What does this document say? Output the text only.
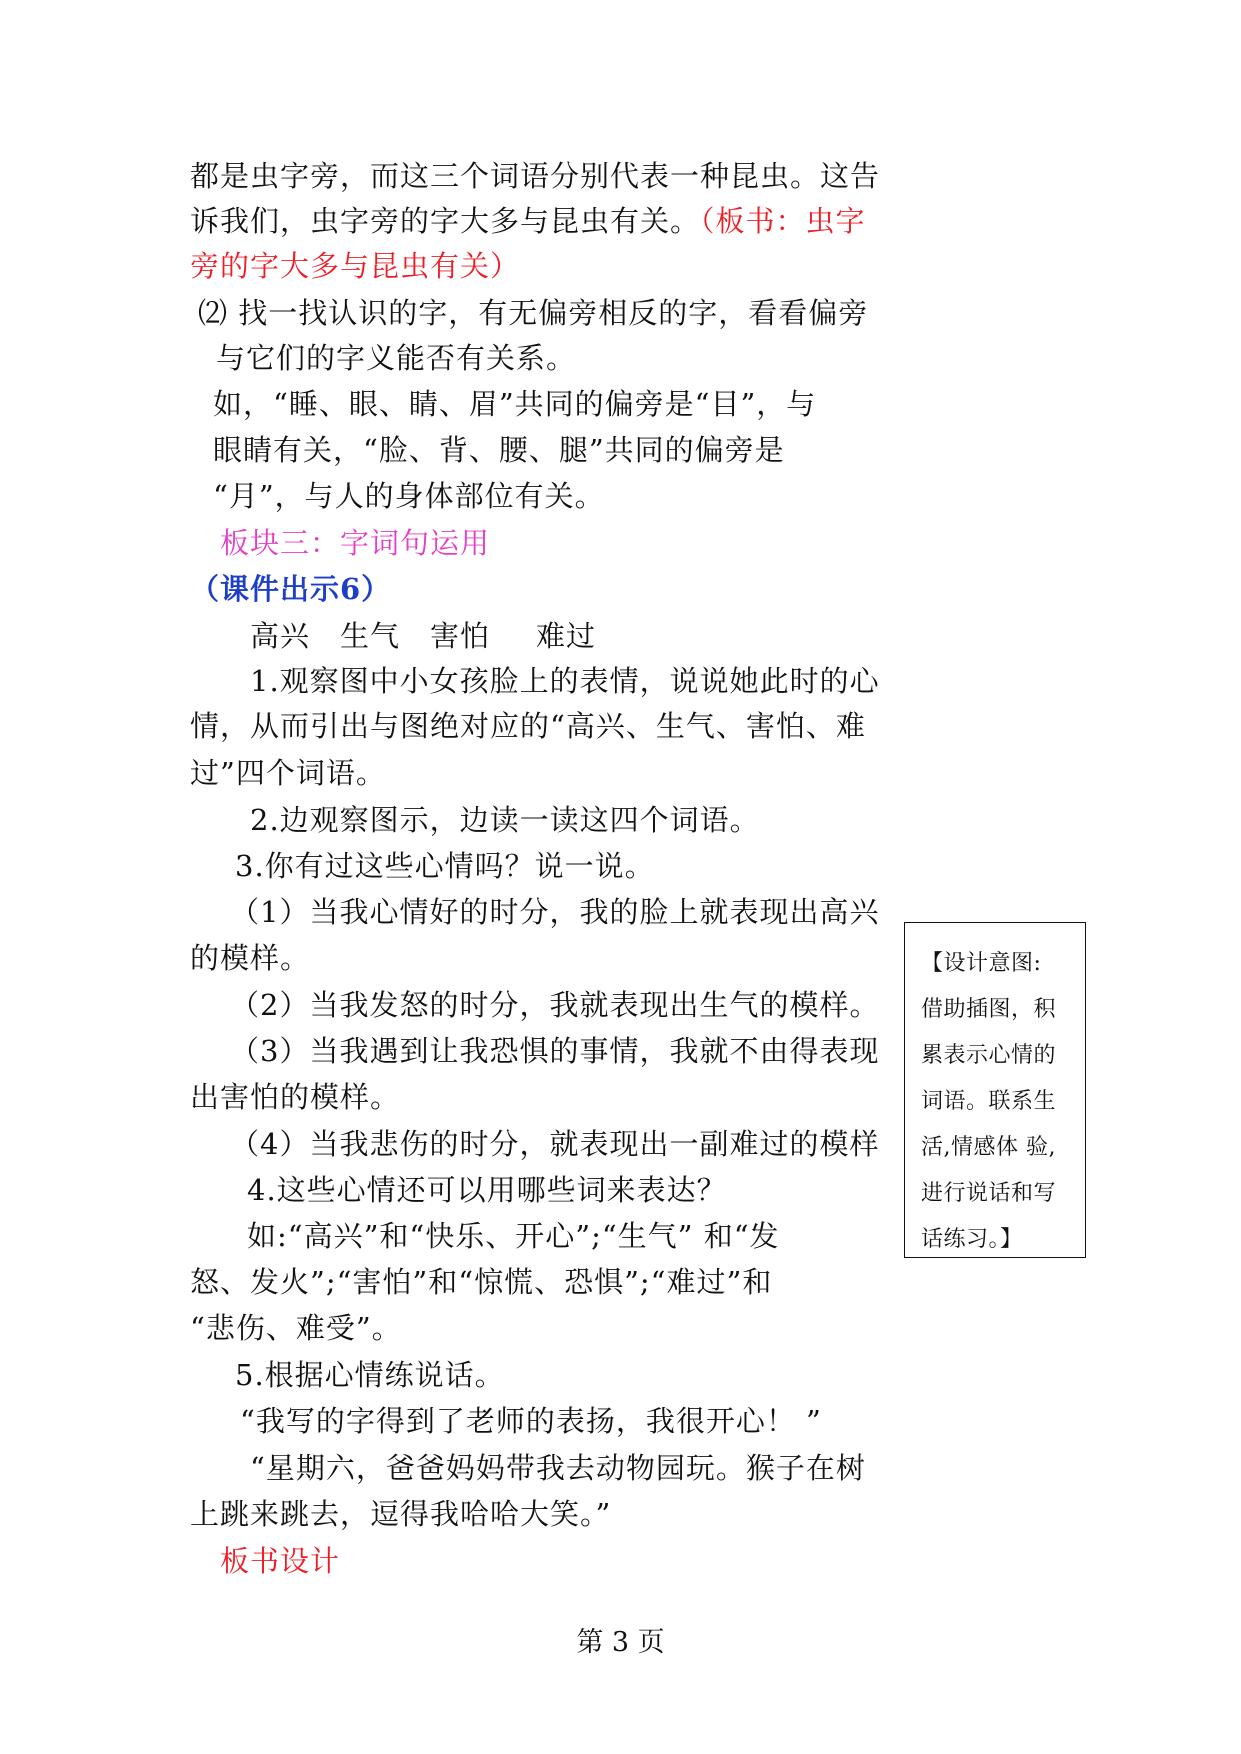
都是虫字旁，而这三个词语分别代表一种昆虫。这告
诉我们，虫字旁的字大多与昆虫有关。（板书：虫字
旁的字大多与昆虫有关）
⑵ 找一找认识的字，有无偏旁相反的字，看看偏旁
与它们的字义能否有关系。
如，“睡、眼、睛、眉”共同的偏旁是“目”，与
眼睛有关，“脸、背、腰、腿”共同的偏旁是
“月”，与人的身体部位有关。
板块三：字词句运用
（课件出示6）
高兴 生气 害怕 难过
1.观察图中小女孩脸上的表情，说说她此时的心
情，从而引出与图绝对应的“高兴、生气、害怕、难
过”四个词语。
2.边观察图示，边读一读这四个词语。
3.你有过这些心情吗？说一说。
（1）当我心情好的时分，我的脸上就表现出高兴
的模样。
（2）当我发怒的时分，我就表现出生气的模样。
（3）当我遇到让我恐惧的事情，我就不由得表现
出害怕的模样。
（4）当我悲伤的时分，就表现出一副难过的模样
4.这些心情还可以用哪些词来表达？
如:“高兴”和“快乐、开心”;“生气” 和“发
怒、发火”;“害怕”和“惊慌、恐惧”;“难过”和
“悲伤、难受”。
5.根据心情练说话。
“我写的字得到了老师的表扬，我很开心！ ”
“星期六，爸爸妈妈带我去动物园玩。猴子在树
上跳来跳去，逗得我哈哈大笑。”
板书设计
【设计意图:
借助插图，积
累表示心情的
词语。联系生
活,情感体 验,
进行说话和写
话练习。】
第 3 页
